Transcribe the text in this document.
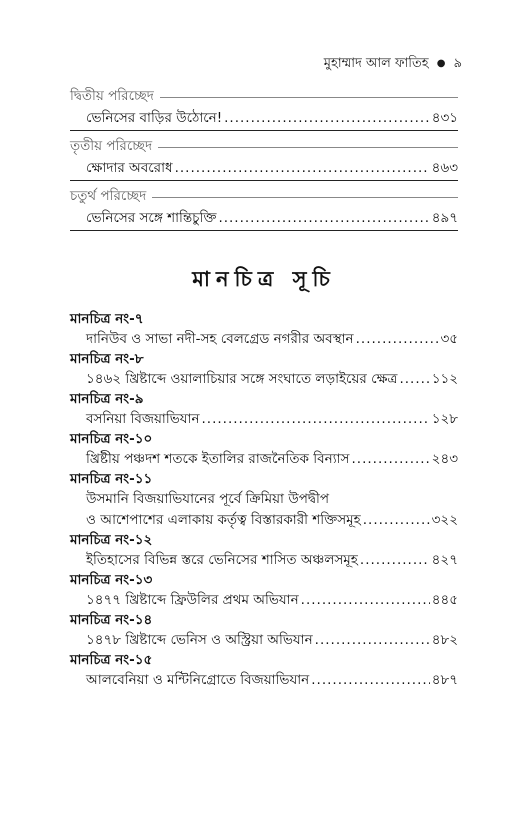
মুহাম্মাদ আল ফাতিহ ● ৯
দ্বিতীয় পরিচ্ছেদ
ভেনিসের বাড়ির উঠোনে! .....	৪৩১
তৃতীয় পরিচ্ছেদ
ক্ষোদার অবরোধ .....	৪৬৩
চতুর্থ পরিচ্ছেদ
ভেনিসের সঙ্গে শান্তিচুক্তি .....	৪৯৭
মানচিত্র সূচি
মানচিত্র নং-৭
দানিউব ও সাভা নদী-সহ বেলগ্রেড নগরীর অবস্থান .....	৩৫
মানচিত্র নং-৮
১৪৬২ খ্রিষ্টাব্দে ওয়ালাচিয়ার সঙ্গে সংঘাতে লড়াইয়ের ক্ষেত্র .....	১১২
মানচিত্র নং-৯
বসনিয়া বিজয়াভিযান .....	১২৮
মানচিত্র নং-১০
খ্রিষ্টীয় পঞ্চদশ শতকে ইতালির রাজনৈতিক বিন্যাস .....	২৪৩
মানচিত্র নং-১১
উসমানি বিজয়াভিযানের পূর্বে ক্রিমিয়া উপদ্বীপ
ও আশেপাশের এলাকায় কর্তৃত্ব বিস্তারকারী শক্তিসমূহ .....	৩২২
মানচিত্র নং-১২
ইতিহাসের বিভিন্ন স্তরে ভেনিসের শাসিত অঞ্চলসমূহ .....	৪২৭
মানচিত্র নং-১৩
১৪৭৭ খ্রিষ্টাব্দে ফ্রিউলির প্রথম অভিযান .....	৪৪৫
মানচিত্র নং-১৪
১৪৭৮ খ্রিষ্টাব্দে ভেনিস ও অস্ট্রিয়া অভিযান .....	৪৮২
মানচিত্র নং-১৫
আলবেনিয়া ও মন্টিনিগ্রোতে বিজয়াভিযান .....	৪৮৭
